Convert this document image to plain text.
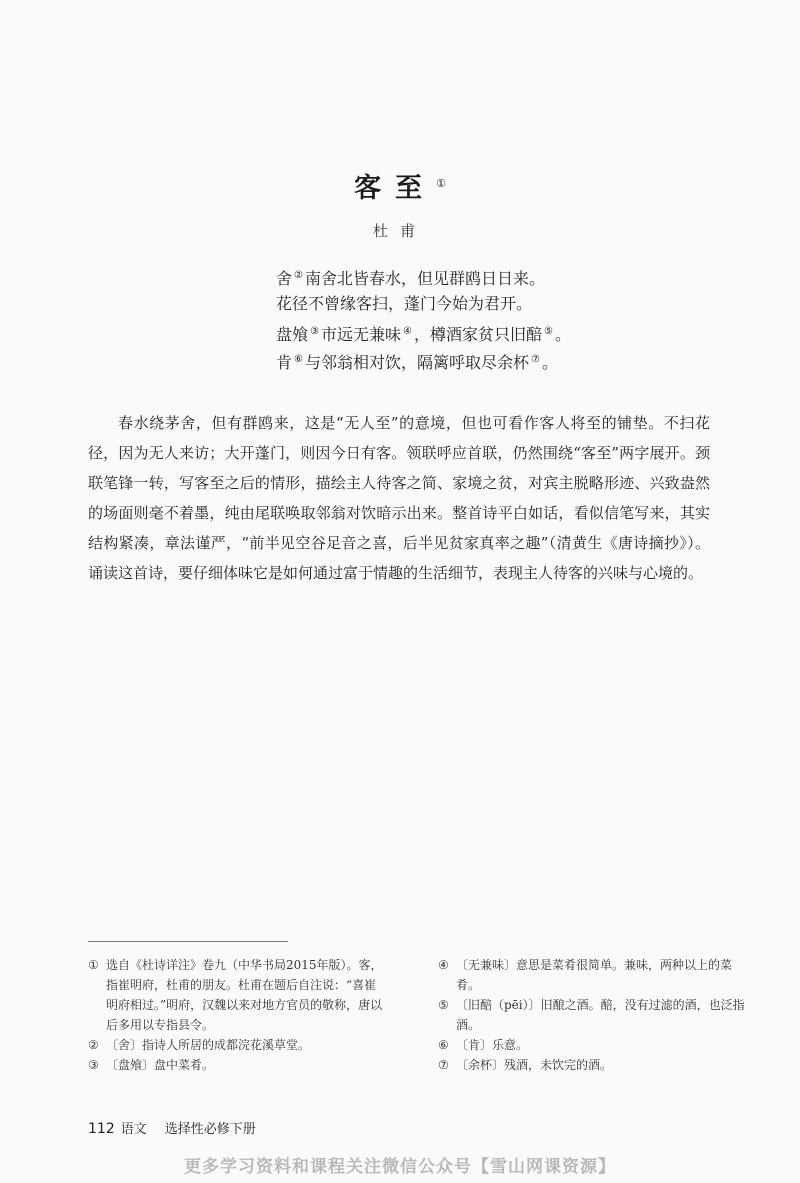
客至①
杜甫
舍 ② 南舍北皆春水，但见群鸥日日来。
花径不曾缘客扫，蓬门今始为君开。
盘飧 ③ 市远无兼味 ④ ，樽酒家贫只旧醅 ⑤ 。
肯 ⑥ 与邻翁相对饮，隔篱呼取尽余杯 ⑦ 。

春水绕茅舍，但有群鸥来，这是“无人至”的意境，但也可看作客人将至的铺垫。不扫花径，因为无人来访；大开蓬门，则因今日有客。领联呼应首联，仍然围绕“客至”两字展开。颈联笔锋一转，写客至之后的情形，描绘主人待客之简、家境之贫，对宾主脱略形迹、兴致盎然的场面则毫不着墨，纯由尾联唤取邻翁对饮暗示出来。整首诗平白如话，看似信笔写来，其实结构紧凑，章法谨严，“前半见空谷足音之喜，后半见贫家真率之趣”（清黄生《唐诗摘抄》）。诵读这首诗，要仔细体味它是如何通过富于情趣的生活细节，表现主人待客的兴味与心境的。

① 选自《杜诗详注》卷九（中华书局2015年版）。客，指崔明府，杜甫的朋友。杜甫在题后自注说：“喜崔明府相过。”明府，汉魏以来对地方官员的敬称，唐以后多用以专指县令。
② 〔舍〕指诗人所居的成都浣花溪草堂。
③ 〔盘飧〕盘中菜肴。
④ 〔无兼味〕意思是菜肴很简单。兼味，两种以上的菜肴。
⑤ 〔旧醅（pēi）〕旧酿之酒。醅，没有过滤的酒，也泛指酒。
⑥ 〔肯〕乐意。
⑦ 〔余杯〕残酒，未饮完的酒。
112 语文 选择性必修下册
更多学习资料和课程关注微信公众号【雪山网课资源】
